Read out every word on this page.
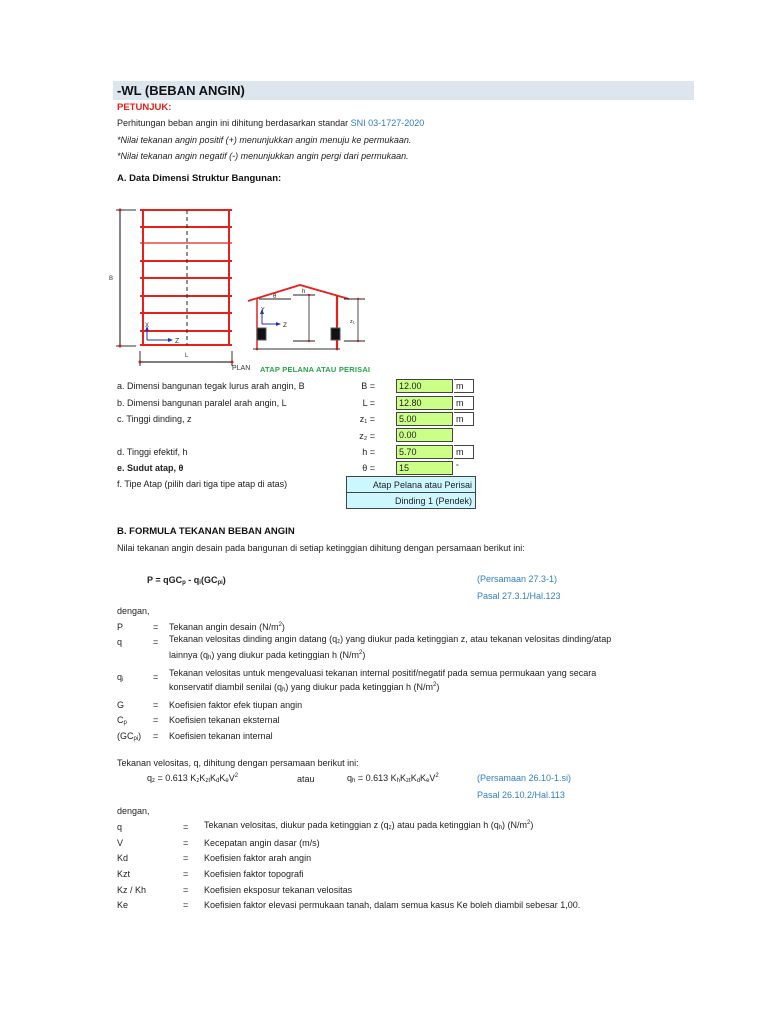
-WL (BEBAN ANGIN)
PETUNJUK:
Perhitungan beban angin ini dihitung berdasarkan standar SNI 03-1727-2020
*Nilai tekanan angin positif (+) menunjukkan angin menuju ke permukaan.
*Nilai tekanan angin negatif (-) menunjukkan angin pergi dari permukaan.
A. Data Dimensi Struktur Bangunan:
X
Z
L
B
θ
h
z₁
Y
Z
PLAN ATAP PELANA ATAU PERISAI
a. Dimensi bangunan tegak lurus arah angin, B	B =	12.00	m
b. Dimensi bangunan paralel arah angin, L	L =	12.80	m
c. Tinggi dinding, z	z₁ =	5.00	m
z₂ =	0.00
d. Tinggi efektif, h	h =	5.70	m
e. Sudut atap, θ	θ =	15	°
f. Tipe Atap (pilih dari tiga tipe atap di atas)	Atap Pelana atau Perisai
Dinding 1 (Pendek)
B. FORMULA TEKANAN BEBAN ANGIN
Nilai tekanan angin desain pada bangunan di setiap ketinggian dihitung dengan persamaan berikut ini:
$P = qGC_p - q_i(GC_{pi})$	(Persamaan 27.3-1)
Pasal 27.3.1/Hal.123
dengan,
P	= Tekanan angin desain $(N/m^2)$
q	= Tekanan velositas dinding angin datang $(q_z)$ yang diukur pada ketinggian z, atau tekanan velositas dinding/atap
lainnya $(q_h)$ yang diukur pada ketinggian h $(N/m^2)$
$q_i$	= Tekanan velositas untuk mengevaluasi tekanan internal positif/negatif pada semua permukaan yang secara
konservatif diambil senilai $(q_h)$ yang diukur pada ketinggian h $(N/m^2)$
G	= Koefisien faktor efek tiupan angin
$C_p$	= Koefisien tekanan eksternal
$(GC_{pi})$ = Koefisien tekanan internal
Tekanan velositas, q, dihitung dengan persamaan berikut ini:
$q_z = 0.613$ $K_zK_{zt}K_dK_eV^2$	atau	$q_h = 0.613$ $K_hK_{zt}K_dK_eV^2$	(Persamaan 26.10-1.si)
Pasal 26.10.2/Hal.113
dengan,
q	= Tekanan velositas, diukur pada ketinggian z $(q_z)$ atau pada ketinggian h $(q_h)$ $(N/m^2)$
V	= Kecepatan angin dasar (m/s)
Kd	= Koefisien faktor arah angin
Kzt	= Koefisien faktor topografi
Kz / Kh	= Koefisien eksposur tekanan velositas
Ke	= Koefisien faktor elevasi permukaan tanah, dalam semua kasus Ke boleh diambil sebesar 1,00.
